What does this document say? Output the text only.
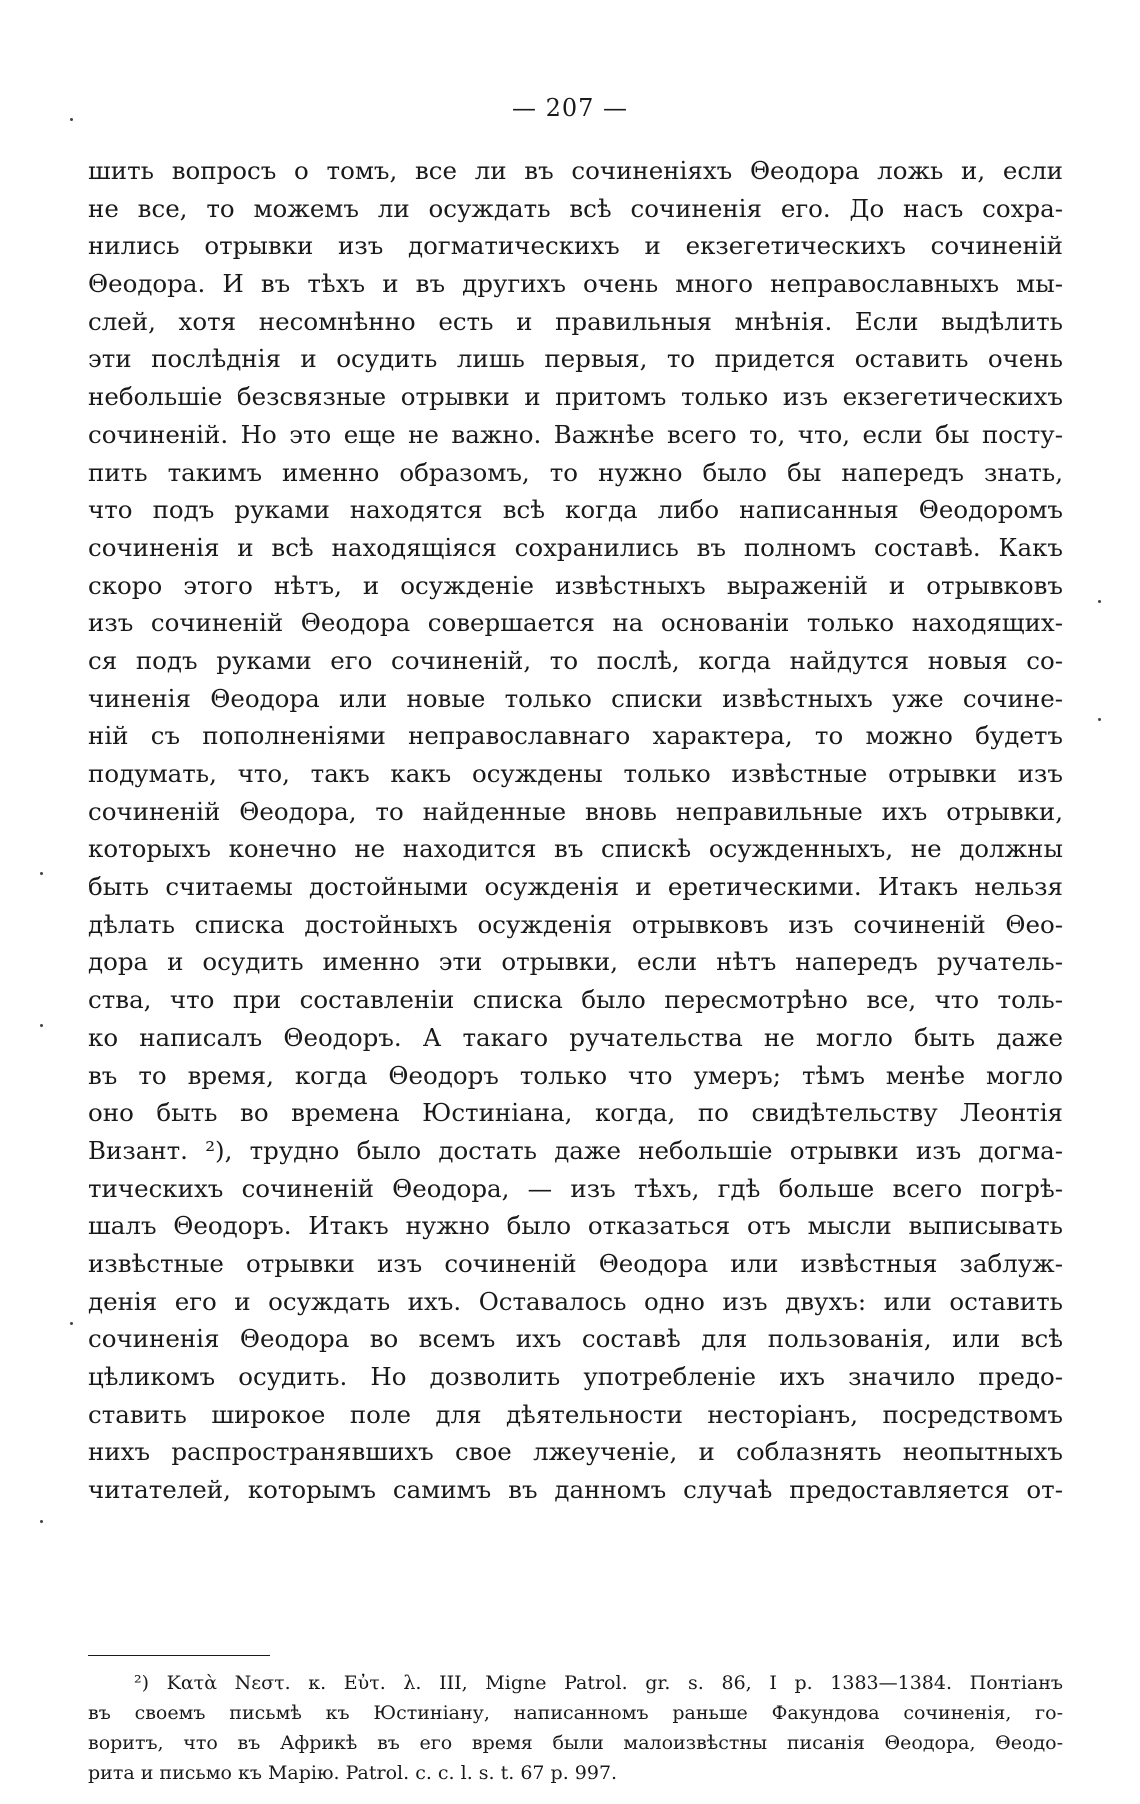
— 207 —
шить вопросъ о томъ, все ли въ сочиненіяхъ Θеодора ложь и, если
не все, то можемъ ли осуждать всѣ сочиненія его. До насъ сохра-
нились отрывки изъ догматическихъ и екзегетическихъ сочиненій
Θеодора. И въ тѣхъ и въ другихъ очень много неправославныхъ мы-
слей, хотя несомнѣнно есть и правильныя мнѣнія. Если выдѣлить
эти послѣднія и осудить лишь первыя, то придется оставить очень
небольшіе безсвязные отрывки и притомъ только изъ екзегетическихъ
сочиненій. Но это еще не важно. Важнѣе всего то, что, если бы посту-
пить такимъ именно образомъ, то нужно было бы напередъ знать,
что подъ руками находятся всѣ когда либо написанныя Θеодоромъ
сочиненія и всѣ находящіяся сохранились въ полномъ составѣ. Какъ
скоро этого нѣтъ, и осужденіе извѣстныхъ выраженій и отрывковъ
изъ сочиненій Θеодора совершается на основаніи только находящих-
ся подъ руками его сочиненій, то послѣ, когда найдутся новыя со-
чиненія Θеодора или новые только списки извѣстныхъ уже сочине-
ній съ пополненіями неправославнаго характера, то можно будетъ
подумать, что, такъ какъ осуждены только извѣстные отрывки изъ
сочиненій Θеодора, то найденные вновь неправильные ихъ отрывки,
которыхъ конечно не находится въ спискѣ осужденныхъ, не должны
быть считаемы достойными осужденія и еретическими. Итакъ нельзя
дѣлать списка достойныхъ осужденія отрывковъ изъ сочиненій Θео-
дора и осудить именно эти отрывки, если нѣтъ напередъ ручатель-
ства, что при составленіи списка было пересмотрѣно все, что толь-
ко написалъ Θеодоръ. А такаго ручательства не могло быть даже
въ то время, когда Θеодоръ только что умеръ; тѣмъ менѣе могло
оно быть во времена Юстиніана, когда, по свидѣтельству Леонтія
Визант. ²), трудно было достать даже небольшіе отрывки изъ догма-
тическихъ сочиненій Θеодора, — изъ тѣхъ, гдѣ больше всего погрѣ-
шалъ Θеодоръ. Итакъ нужно было отказаться отъ мысли выписывать
извѣстные отрывки изъ сочиненій Θеодора или извѣстныя заблуж-
денія его и осуждать ихъ. Оставалось одно изъ двухъ: или оставить
сочиненія Θеодора во всемъ ихъ составѣ для пользованія, или всѣ
цѣликомъ осудить. Но дозволить употребленіе ихъ значило предо-
ставить широкое поле для дѣятельности несторіанъ, посредствомъ
нихъ распространявшихъ свое лжеученіе, и соблазнять неопытныхъ
читателей, которымъ самимъ въ данномъ случаѣ предоставляется от-
²) Κατὰ Νεστ. κ. Εὐτ. λ. III, Migne Patrol. gr. s. 86, I p. 1383—1384. Понтіанъ
въ своемъ письмѣ къ Юстиніану, написанномъ раньше Факундова сочиненія, го-
воритъ, что въ Африкѣ въ его время были малоизвѣстны писанія Θеодора, Θеодо-
рита и письмо къ Марію. Patrol. c. c. l. s. t. 67 p. 997.
